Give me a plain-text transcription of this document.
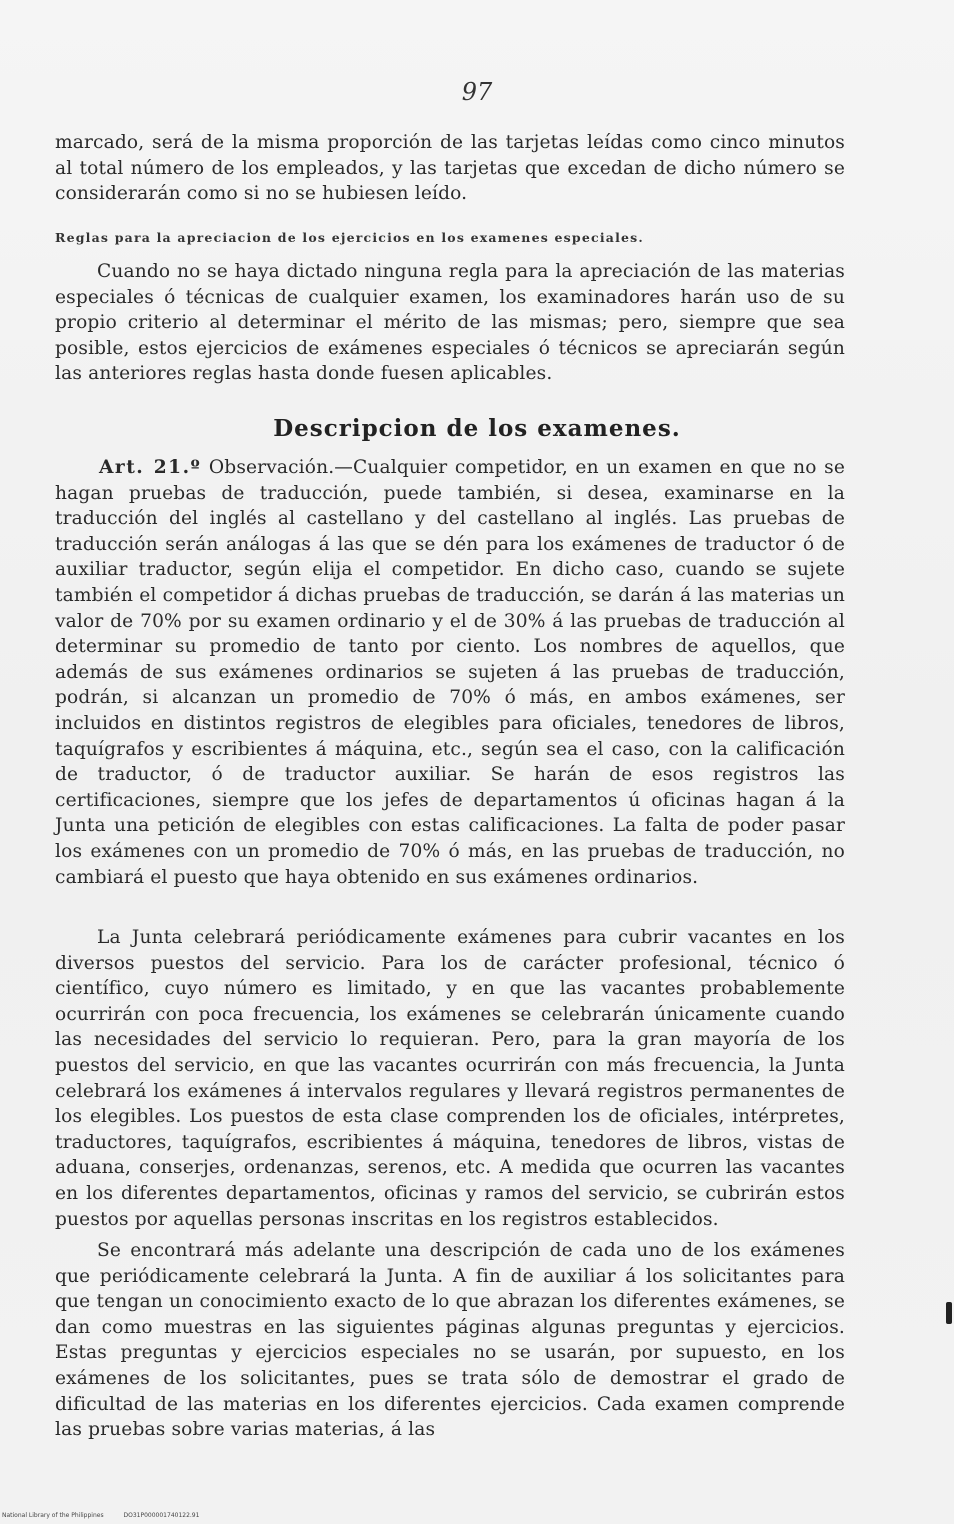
97

marcado, será de la misma proporción de las tarjetas leídas como cinco minutos al total número de los empleados, y las tarjetas que excedan de dicho número se considerarán como si no se hubiesen leído.

Reglas para la apreciacion de los ejercicios en los examenes especiales.

Cuando no se haya dictado ninguna regla para la apreciación de las materias especiales ó técnicas de cualquier examen, los examinadores harán uso de su propio criterio al determinar el mérito de las mismas; pero, siempre que sea posible, estos ejercicios de exámenes especiales ó técnicos se apreciarán según las anteriores reglas hasta donde fuesen aplicables.

Descripcion de los examenes.

Art. 21.º Observación.—Cualquier competidor, en un examen en que no se hagan pruebas de traducción, puede también, si desea, examinarse en la traducción del inglés al castellano y del castellano al inglés. Las pruebas de traducción serán análogas á las que se dén para los exámenes de traductor ó de auxiliar traductor, según elija el competidor. En dicho caso, cuando se sujete también el competidor á dichas pruebas de traducción, se darán á las materias un valor de 70% por su examen ordinario y el de 30% á las pruebas de traducción al determinar su promedio de tanto por ciento. Los nombres de aquellos, que además de sus exámenes ordinarios se sujeten á las pruebas de traducción, podrán, si alcanzan un promedio de 70% ó más, en ambos exámenes, ser incluidos en distintos registros de elegibles para oficiales, tenedores de libros, taquígrafos y escribientes á máquina, etc., según sea el caso, con la calificación de traductor, ó de traductor auxiliar. Se harán de esos registros las certificaciones, siempre que los jefes de departamentos ú oficinas hagan á la Junta una petición de elegibles con estas calificaciones. La falta de poder pasar los exámenes con un promedio de 70% ó más, en las pruebas de traducción, no cambiará el puesto que haya obtenido en sus exámenes ordinarios.

La Junta celebrará periódicamente exámenes para cubrir vacantes en los diversos puestos del servicio. Para los de carácter profesional, técnico ó científico, cuyo número es limitado, y en que las vacantes probablemente ocurrirán con poca frecuencia, los exámenes se celebrarán únicamente cuando las necesidades del servicio lo requieran. Pero, para la gran mayoría de los puestos del servicio, en que las vacantes ocurrirán con más frecuencia, la Junta celebrará los exámenes á intervalos regulares y llevará registros permanentes de los elegibles. Los puestos de esta clase comprenden los de oficiales, intérpretes, traductores, taquígrafos, escribientes á máquina, tenedores de libros, vistas de aduana, conserjes, ordenanzas, serenos, etc. A medida que ocurren las vacantes en los diferentes departamentos, oficinas y ramos del servicio, se cubrirán estos puestos por aquellas personas inscritas en los registros establecidos.

Se encontrará más adelante una descripción de cada uno de los exámenes que periódicamente celebrará la Junta. A fin de auxiliar á los solicitantes para que tengan un conocimiento exacto de lo que abrazan los diferentes exámenes, se dan como muestras en las siguientes páginas algunas preguntas y ejercicios. Estas preguntas y ejercicios especiales no se usarán, por supuesto, en los exámenes de los solicitantes, pues se trata sólo de demostrar el grado de dificultad de las materias en los diferentes ejercicios. Cada examen comprende las pruebas sobre varias materias, á las

National Library of the Philippines	DO31P000001740122.91
